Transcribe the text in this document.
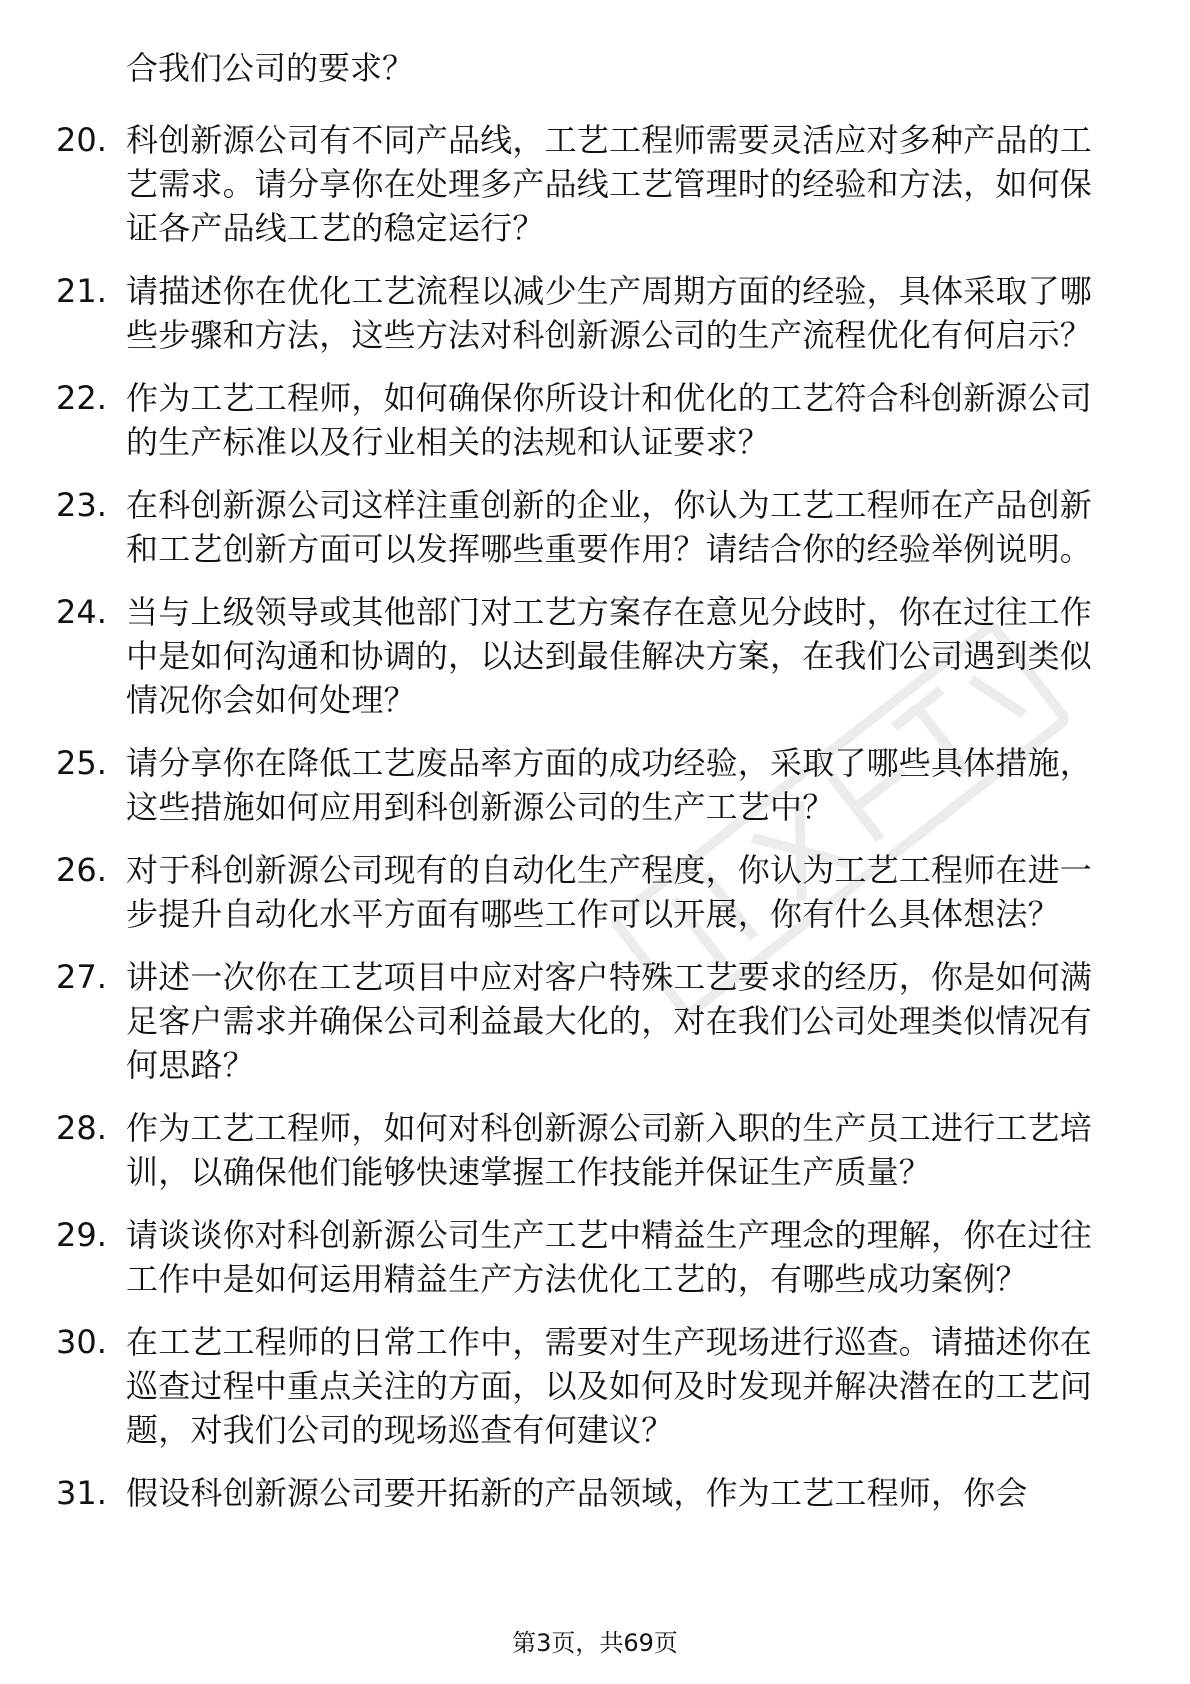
合我们公司的要求？

20. 科创新源公司有不同产品线，工艺工程师需要灵活应对多种产品的工艺需求。请分享你在处理多产品线工艺管理时的经验和方法，如何保证各产品线工艺的稳定运行？
21. 请描述你在优化工艺流程以减少生产周期方面的经验，具体采取了哪些步骤和方法，这些方法对科创新源公司的生产流程优化有何启示？
22. 作为工艺工程师，如何确保你所设计和优化的工艺符合科创新源公司的生产标准以及行业相关的法规和认证要求？
23. 在科创新源公司这样注重创新的企业，你认为工艺工程师在产品创新和工艺创新方面可以发挥哪些重要作用？请结合你的经验举例说明。
24. 当与上级领导或其他部门对工艺方案存在意见分歧时，你在过往工作中是如何沟通和协调的，以达到最佳解决方案，在我们公司遇到类似情况你会如何处理？
25. 请分享你在降低工艺废品率方面的成功经验，采取了哪些具体措施，这些措施如何应用到科创新源公司的生产工艺中？
26. 对于科创新源公司现有的自动化生产程度，你认为工艺工程师在进一步提升自动化水平方面有哪些工作可以开展，你有什么具体想法？
27. 讲述一次你在工艺项目中应对客户特殊工艺要求的经历，你是如何满足客户需求并确保公司利益最大化的，对在我们公司处理类似情况有何思路？
28. 作为工艺工程师，如何对科创新源公司新入职的生产员工进行工艺培训，以确保他们能够快速掌握工作技能并保证生产质量？
29. 请谈谈你对科创新源公司生产工艺中精益生产理念的理解，你在过往工作中是如何运用精益生产方法优化工艺的，有哪些成功案例？
30. 在工艺工程师的日常工作中，需要对生产现场进行巡查。请描述你在巡查过程中重点关注的方面，以及如何及时发现并解决潜在的工艺问题，对我们公司的现场巡查有何建议？
31. 假设科创新源公司要开拓新的产品领域，作为工艺工程师，你会
第3页，共69页
